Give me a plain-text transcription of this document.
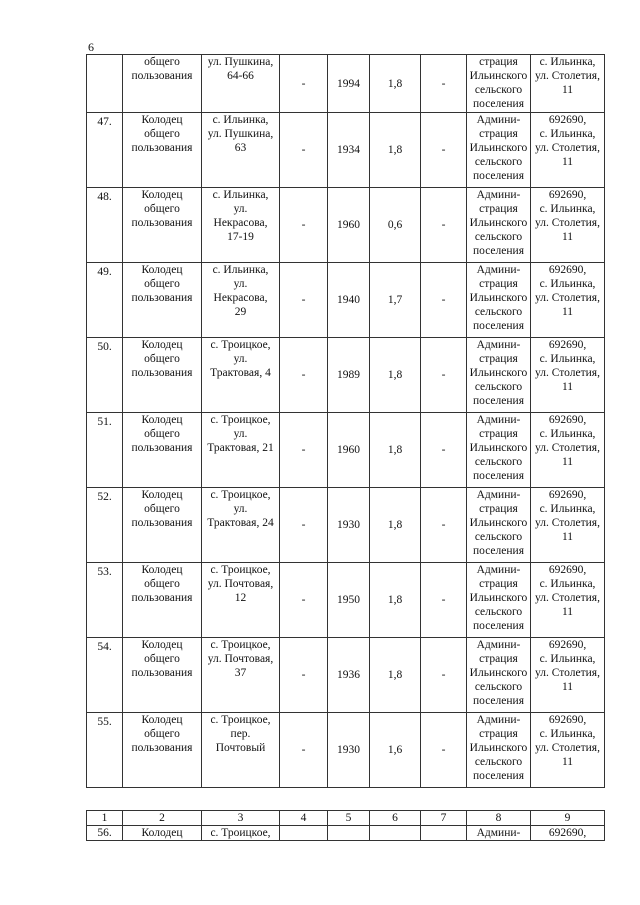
6

	общего
пользования	ул. Пушкина,
64-66	-	1994	1,8	-	страция
Ильинского
сельского
поселения	с. Ильинка,
ул. Столетия,
11

47.	Колодец
общего
пользования	с. Ильинка,
ул. Пушкина,
63	-	1934	1,8	-	Админи-
страция
Ильинского
сельского
поселения	692690,
с. Ильинка,
ул. Столетия,
11

48.	Колодец
общего
пользования	с. Ильинка,
ул.
Некрасова,
17-19	-	1960	0,6	-	Админи-
страция
Ильинского
сельского
поселения	692690,
с. Ильинка,
ул. Столетия,
11

49.	Колодец
общего
пользования	с. Ильинка,
ул.
Некрасова,
29	-	1940	1,7	-	Админи-
страция
Ильинского
сельского
поселения	692690,
с. Ильинка,
ул. Столетия,
11

50.	Колодец
общего
пользования	с. Троицкое,
ул.
Трактовая, 4	-	1989	1,8	-	Админи-
страция
Ильинского
сельского
поселения	692690,
с. Ильинка,
ул. Столетия,
11

51.	Колодец
общего
пользования	с. Троицкое,
ул.
Трактовая, 21	-	1960	1,8	-	Админи-
страция
Ильинского
сельского
поселения	692690,
с. Ильинка,
ул. Столетия,
11

52.	Колодец
общего
пользования	с. Троицкое,
ул.
Трактовая, 24	-	1930	1,8	-	Админи-
страция
Ильинского
сельского
поселения	692690,
с. Ильинка,
ул. Столетия,
11

53.	Колодец
общего
пользования	с. Троицкое,
ул. Почтовая,
12	-	1950	1,8	-	Админи-
страция
Ильинского
сельского
поселения	692690,
с. Ильинка,
ул. Столетия,
11

54.	Колодец
общего
пользования	с. Троицкое,
ул. Почтовая,
37	-	1936	1,8	-	Админи-
страция
Ильинского
сельского
поселения	692690,
с. Ильинка,
ул. Столетия,
11

55.	Колодец
общего
пользования	с. Троицкое,
пер.
Почтовый	-	1930	1,6	-	Админи-
страция
Ильинского
сельского
поселения	692690,
с. Ильинка,
ул. Столетия,
11
1	2	3	4	5	6	7	8	9
56.	Колодец	с. Троицкое,					Админи-	692690,
